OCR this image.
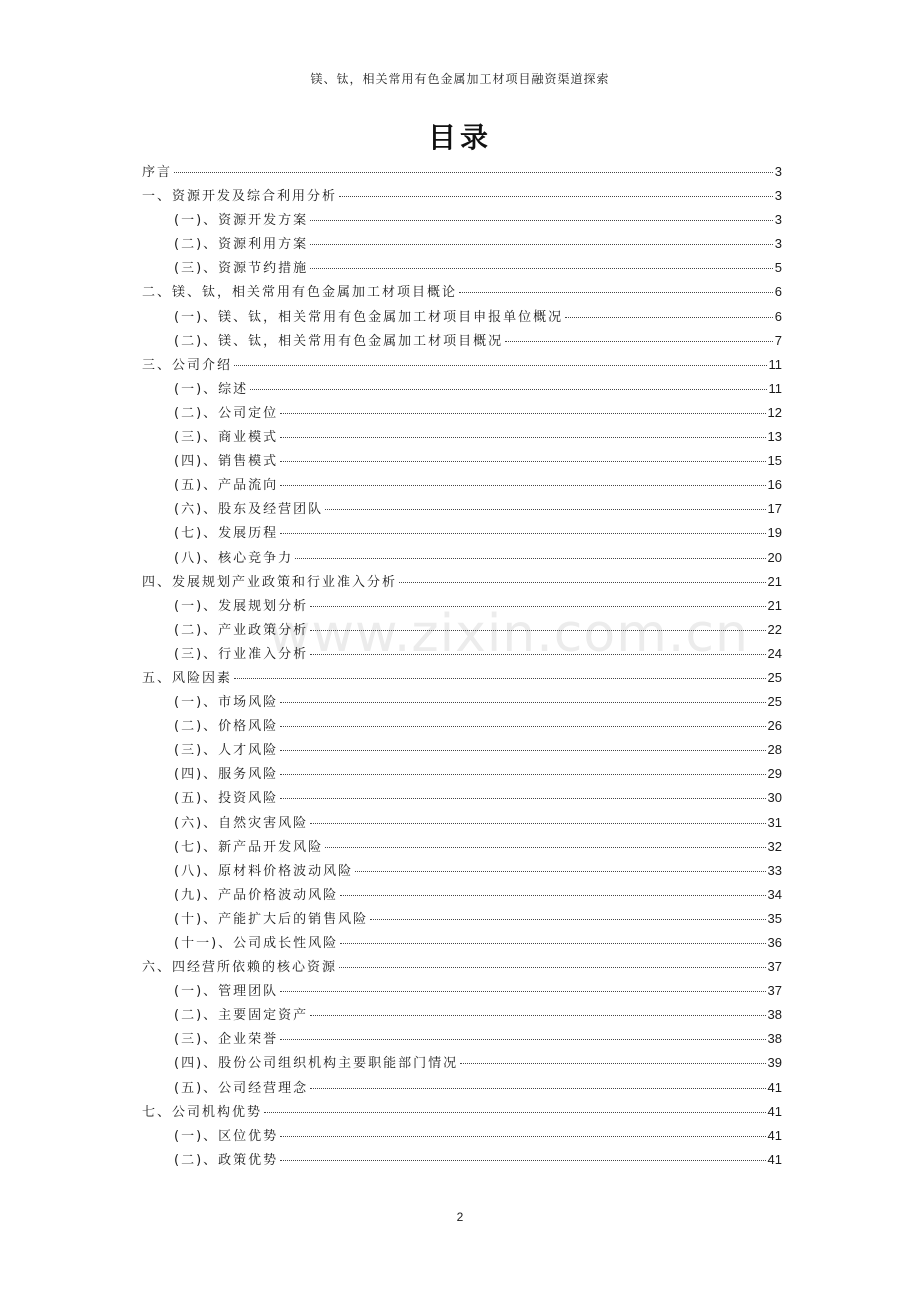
镁、钛，相关常用有色金属加工材项目融资渠道探索
目录
www.zixin.com.cn
序言	3
一、资源开发及综合利用分析	3
(一)、资源开发方案	3
(二)、资源利用方案	3
(三)、资源节约措施	5
二、镁、钛，相关常用有色金属加工材项目概论	6
(一)、镁、钛，相关常用有色金属加工材项目申报单位概况	6
(二)、镁、钛，相关常用有色金属加工材项目概况	7
三、公司介绍	11
(一)、综述	11
(二)、公司定位	12
(三)、商业模式	13
(四)、销售模式	15
(五)、产品流向	16
(六)、股东及经营团队	17
(七)、发展历程	19
(八)、核心竞争力	20
四、发展规划产业政策和行业准入分析	21
(一)、发展规划分析	21
(二)、产业政策分析	22
(三)、行业准入分析	24
五、风险因素	25
(一)、市场风险	25
(二)、价格风险	26
(三)、人才风险	28
(四)、服务风险	29
(五)、投资风险	30
(六)、自然灾害风险	31
(七)、新产品开发风险	32
(八)、原材料价格波动风险	33
(九)、产品价格波动风险	34
(十)、产能扩大后的销售风险	35
(十一)、公司成长性风险	36
六、四经营所依赖的核心资源	37
(一)、管理团队	37
(二)、主要固定资产	38
(三)、企业荣誉	38
(四)、股份公司组织机构主要职能部门情况	39
(五)、公司经营理念	41
七、公司机构优势	41
(一)、区位优势	41
(二)、政策优势	41
2
